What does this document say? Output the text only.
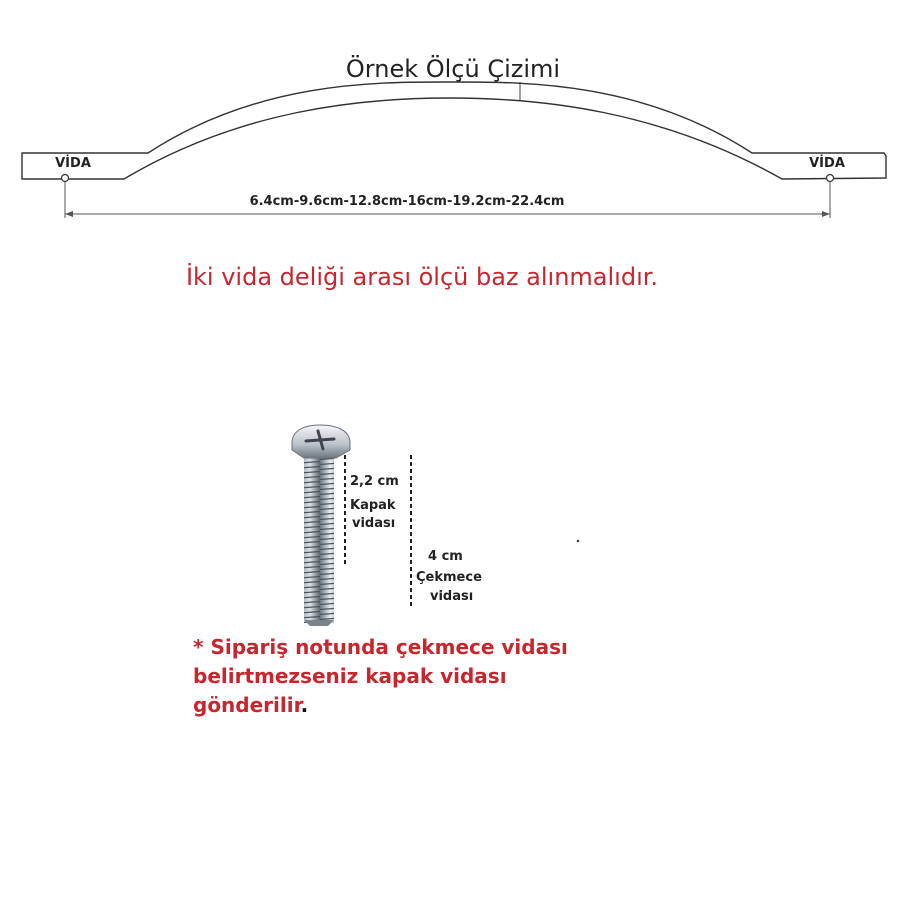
Örnek Ölçü Çizimi
VİDA	VİDA
6.4cm-9.6cm-12.8cm-16cm-19.2cm-22.4cm
İki vida deliği arası ölçü baz alınmalıdır.
2,2 cm
Kapak
vidası
4 cm
Çekmece
vidası
* Sipariş notunda çekmece vidası belirtmezseniz kapak vidası gönderilir.
